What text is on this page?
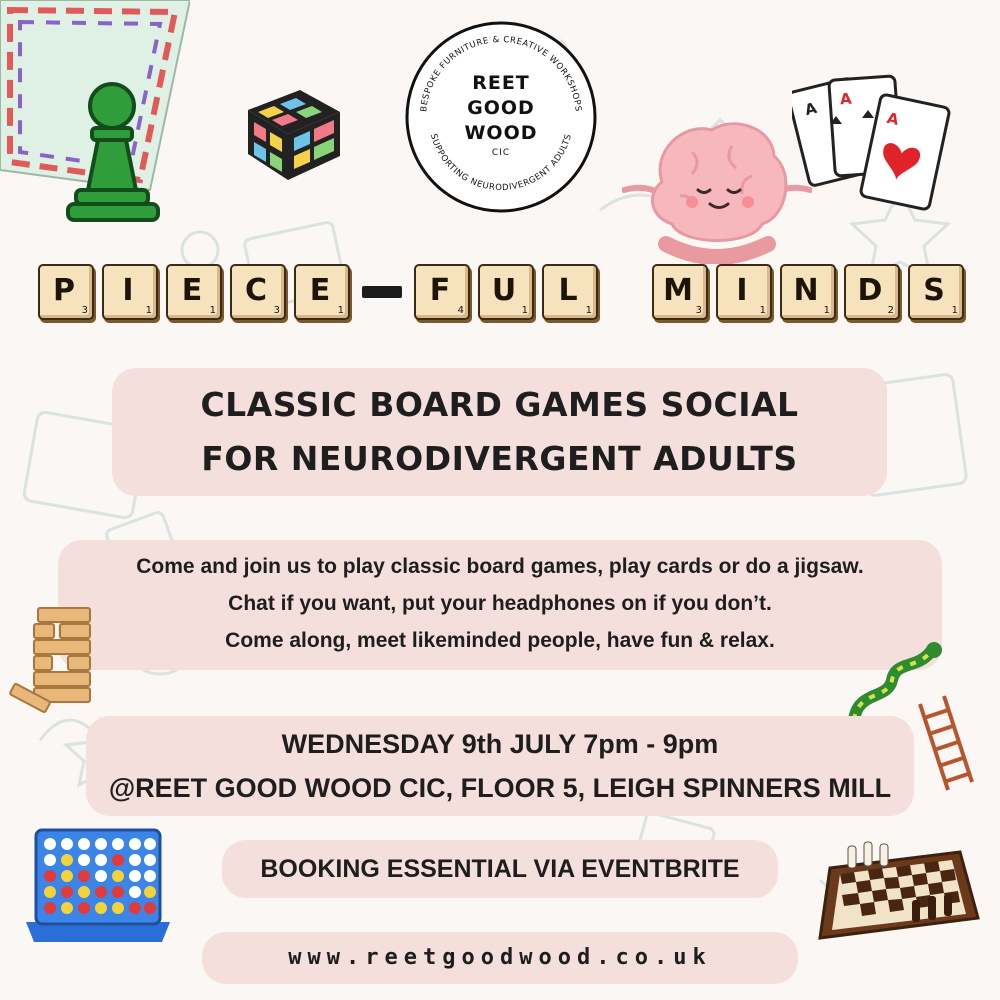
BESPOKE FURNITURE & CREATIVE WORKSHOPS
SUPPORTING NEURODIVERGENT ADULTS
REET
GOOD
WOOD
CIC
A A
A
P
3
I
1
E
1
C
3
E
1
F
4
U
1
L
1
M
3
I
1
N
1
D
2
S
1
CLASSIC BOARD GAMES SOCIAL
FOR NEURODIVERGENT ADULTS
Come and join us to play classic board games, play cards or do a jigsaw.
Chat if you want, put your headphones on if you don’t.
Come along, meet likeminded people, have fun & relax.
WEDNESDAY 9th JULY 7pm - 9pm
@REET GOOD WOOD CIC, FLOOR 5, LEIGH SPINNERS MILL
BOOKING ESSENTIAL VIA EVENTBRITE
www.reetgoodwood.co.uk
